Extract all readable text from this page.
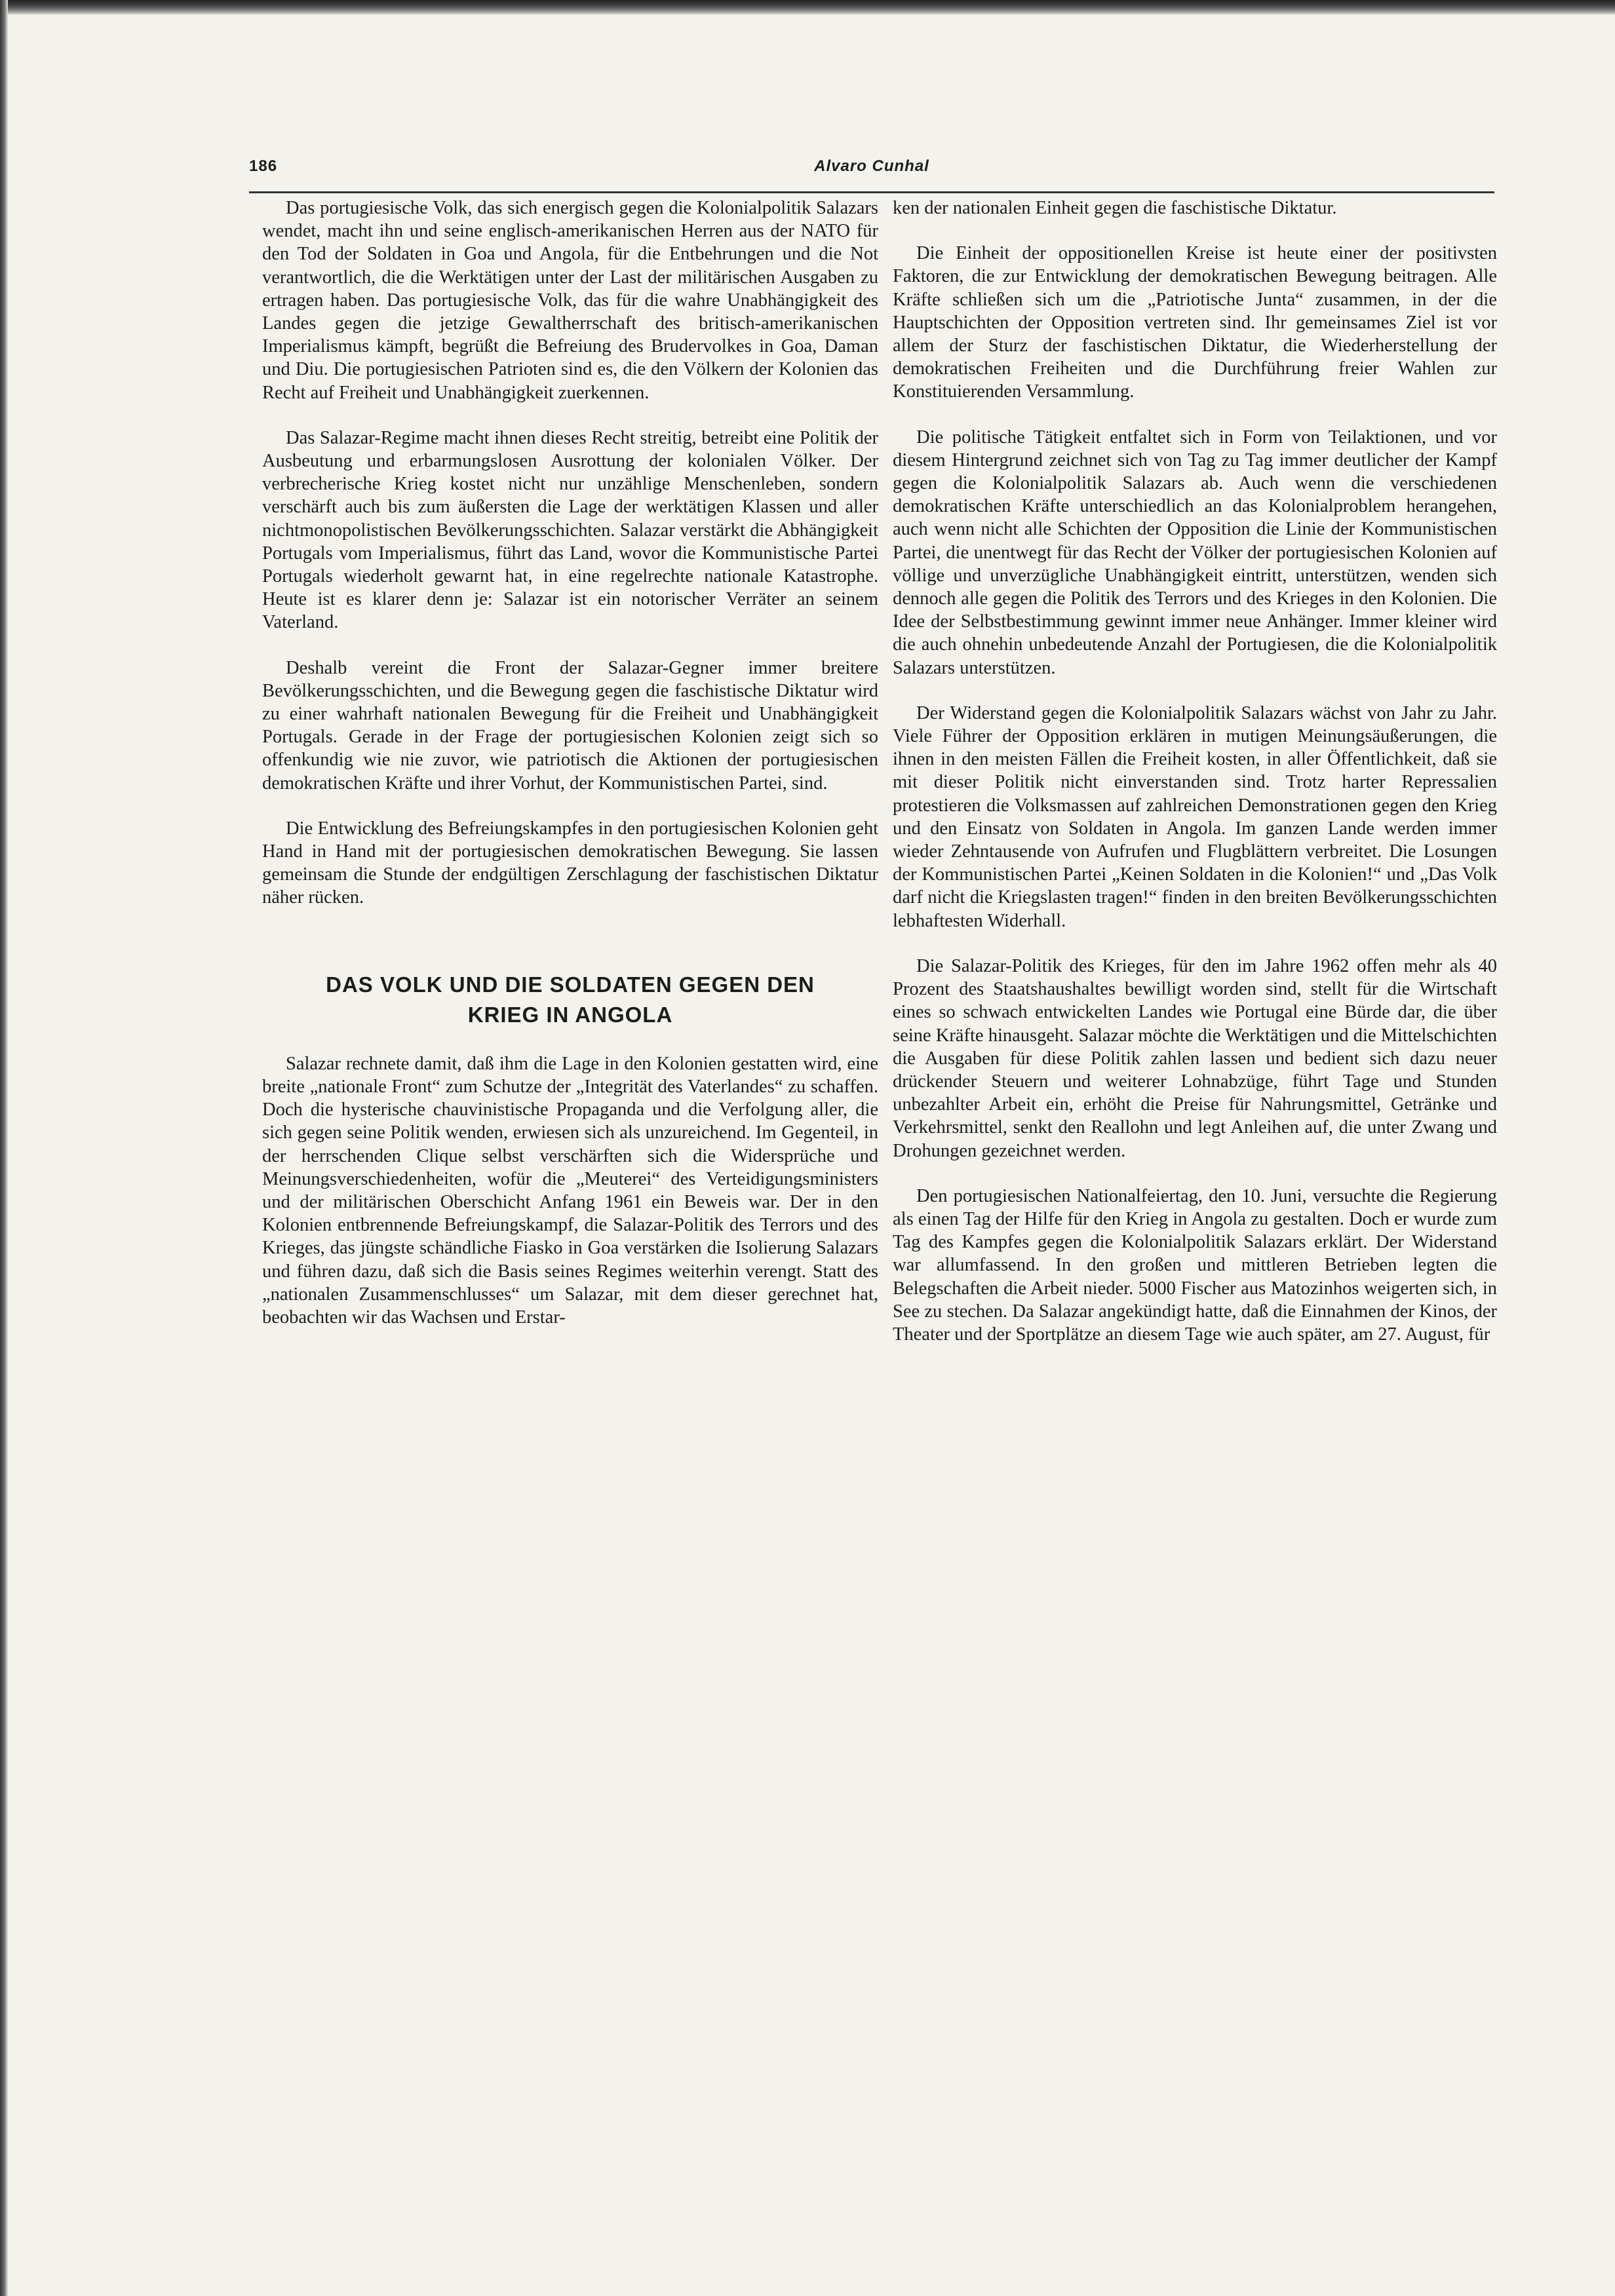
186	Alvaro Cunhal

Das portugiesische Volk, das sich energisch gegen die Kolonialpolitik Salazars wendet, macht ihn und seine englisch-amerikanischen Herren aus der NATO für den Tod der Soldaten in Goa und Angola, für die Entbehrungen und die Not verantwortlich, die die Werktätigen unter der Last der militärischen Ausgaben zu ertragen haben. Das portugiesische Volk, das für die wahre Unabhängigkeit des Landes gegen die jetzige Gewaltherrschaft des britisch-amerikanischen Imperialismus kämpft, begrüßt die Befreiung des Brudervolkes in Goa, Daman und Diu. Die portugiesischen Patrioten sind es, die den Völkern der Kolonien das Recht auf Freiheit und Unabhängigkeit zuerkennen.

Das Salazar-Regime macht ihnen dieses Recht streitig, betreibt eine Politik der Ausbeutung und erbarmungslosen Ausrottung der kolonialen Völker. Der verbrecherische Krieg kostet nicht nur unzählige Menschenleben, sondern verschärft auch bis zum äußersten die Lage der werktätigen Klassen und aller nichtmonopolistischen Bevölkerungsschichten. Salazar verstärkt die Abhängigkeit Portugals vom Imperialismus, führt das Land, wovor die Kommunistische Partei Portugals wiederholt gewarnt hat, in eine regelrechte nationale Katastrophe. Heute ist es klarer denn je: Salazar ist ein notorischer Verräter an seinem Vaterland.

Deshalb vereint die Front der Salazar-Gegner immer breitere Bevölkerungsschichten, und die Bewegung gegen die faschistische Diktatur wird zu einer wahrhaft nationalen Bewegung für die Freiheit und Unabhängigkeit Portugals. Gerade in der Frage der portugiesischen Kolonien zeigt sich so offenkundig wie nie zuvor, wie patriotisch die Aktionen der portugiesischen demokratischen Kräfte und ihrer Vorhut, der Kommunistischen Partei, sind.

Die Entwicklung des Befreiungskampfes in den portugiesischen Kolonien geht Hand in Hand mit der portugiesischen demokratischen Bewegung. Sie lassen gemeinsam die Stunde der endgültigen Zerschlagung der faschistischen Diktatur näher rücken.

DAS VOLK UND DIE SOLDATEN GEGEN DEN
KRIEG IN ANGOLA

Salazar rechnete damit, daß ihm die Lage in den Kolonien gestatten wird, eine breite „nationale Front“ zum Schutze der „Integrität des Vaterlandes“ zu schaffen. Doch die hysterische chauvinistische Propaganda und die Verfolgung aller, die sich gegen seine Politik wenden, erwiesen sich als unzureichend. Im Gegenteil, in der herrschenden Clique selbst verschärften sich die Widersprüche und Meinungsverschiedenheiten, wofür die „Meuterei“ des Verteidigungsministers und der militärischen Oberschicht Anfang 1961 ein Beweis war. Der in den Kolonien entbrennende Befreiungskampf, die Salazar-Politik des Terrors und des Krieges, das jüngste schändliche Fiasko in Goa verstärken die Isolierung Salazars und führen dazu, daß sich die Basis seines Regimes weiterhin verengt. Statt des „nationalen Zusammenschlusses“ um Salazar, mit dem dieser gerechnet hat, beobachten wir das Wachsen und Erstar-

ken der nationalen Einheit gegen die faschistische Diktatur.

Die Einheit der oppositionellen Kreise ist heute einer der positivsten Faktoren, die zur Entwicklung der demokratischen Bewegung beitragen. Alle Kräfte schließen sich um die „Patriotische Junta“ zusammen, in der die Hauptschichten der Opposition vertreten sind. Ihr gemeinsames Ziel ist vor allem der Sturz der faschistischen Diktatur, die Wiederherstellung der demokratischen Freiheiten und die Durchführung freier Wahlen zur Konstituierenden Versammlung.

Die politische Tätigkeit entfaltet sich in Form von Teilaktionen, und vor diesem Hintergrund zeichnet sich von Tag zu Tag immer deutlicher der Kampf gegen die Kolonialpolitik Salazars ab. Auch wenn die verschiedenen demokratischen Kräfte unterschiedlich an das Kolonialproblem herangehen, auch wenn nicht alle Schichten der Opposition die Linie der Kommunistischen Partei, die unentwegt für das Recht der Völker der portugiesischen Kolonien auf völlige und unverzügliche Unabhängigkeit eintritt, unterstützen, wenden sich dennoch alle gegen die Politik des Terrors und des Krieges in den Kolonien. Die Idee der Selbstbestimmung gewinnt immer neue Anhänger. Immer kleiner wird die auch ohnehin unbedeutende Anzahl der Portugiesen, die die Kolonialpolitik Salazars unterstützen.

Der Widerstand gegen die Kolonialpolitik Salazars wächst von Jahr zu Jahr. Viele Führer der Opposition erklären in mutigen Meinungsäußerungen, die ihnen in den meisten Fällen die Freiheit kosten, in aller Öffentlichkeit, daß sie mit dieser Politik nicht einverstanden sind. Trotz harter Repressalien protestieren die Volksmassen auf zahlreichen Demonstrationen gegen den Krieg und den Einsatz von Soldaten in Angola. Im ganzen Lande werden immer wieder Zehntausende von Aufrufen und Flugblättern verbreitet. Die Losungen der Kommunistischen Partei „Keinen Soldaten in die Kolonien!“ und „Das Volk darf nicht die Kriegslasten tragen!“ finden in den breiten Bevölkerungsschichten lebhaftesten Widerhall.

Die Salazar-Politik des Krieges, für den im Jahre 1962 offen mehr als 40 Prozent des Staatshaushaltes bewilligt worden sind, stellt für die Wirtschaft eines so schwach entwickelten Landes wie Portugal eine Bürde dar, die über seine Kräfte hinausgeht. Salazar möchte die Werktätigen und die Mittelschichten die Ausgaben für diese Politik zahlen lassen und bedient sich dazu neuer drückender Steuern und weiterer Lohnabzüge, führt Tage und Stunden unbezahlter Arbeit ein, erhöht die Preise für Nahrungsmittel, Getränke und Verkehrsmittel, senkt den Reallohn und legt Anleihen auf, die unter Zwang und Drohungen gezeichnet werden.

Den portugiesischen Nationalfeiertag, den 10. Juni, versuchte die Regierung als einen Tag der Hilfe für den Krieg in Angola zu gestalten. Doch er wurde zum Tag des Kampfes gegen die Kolonialpolitik Salazars erklärt. Der Widerstand war allumfassend. In den großen und mittleren Betrieben legten die Belegschaften die Arbeit nieder. 5000 Fischer aus Matozinhos weigerten sich, in See zu stechen. Da Salazar angekündigt hatte, daß die Einnahmen der Kinos, der Theater und der Sportplätze an diesem Tage wie auch später, am 27. August, für
